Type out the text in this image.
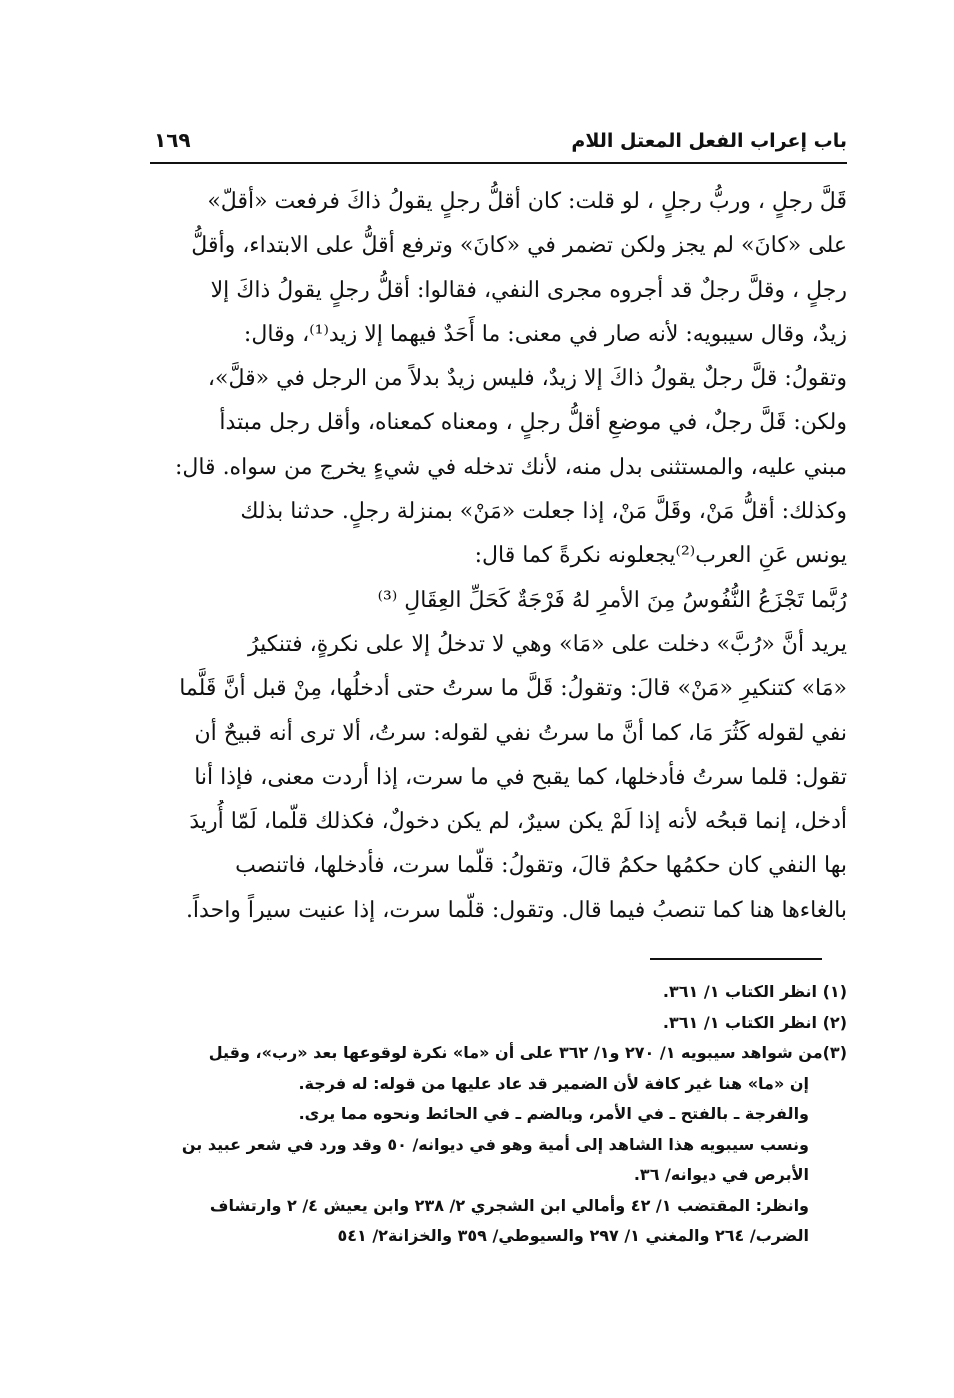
باب إعراب الفعل المعتل اللام
١٦٩
قَلَّ رجلٍ ، وربُّ رجلٍ ، لو قلت: كان أقلُّ رجلٍ يقولُ ذاكَ فرفعت «أقلّ»
على «كانَ» لم يجز ولكن تضمر في «كانَ» وترفع أقلُّ على الابتداء، وأقلُّ
رجلٍ ، وقلَّ رجلٌ قد أجروه مجرى النفي، فقالوا: أقلُّ رجلٍ يقولُ ذاكَ إلا
زيدٌ، وقال سيبويه: لأنه صار في معنى: ما أَحَدٌ فيهما إلا زيد⁽¹⁾، وقال:
وتقولُ: قلَّ رجلٌ يقولُ ذاكَ إلا زيدٌ، فليس زيدٌ بدلاً من الرجل في «قلَّ»،
ولكن: قَلَّ رجلٌ، في موضعِ أقلُّ رجلٍ ، ومعناه كمعناه، وأقل رجل مبتدأ
مبني عليه، والمستثنى بدل منه، لأنك تدخله في شيءٍ يخرج من سواه. قال:
وكذلك: أقلُّ مَنْ، وقَلَّ مَنْ، إذا جعلت «مَنْ» بمنزلة رجلٍ. حدثنا بذلك
يونس عَنِ العرب⁽²⁾يجعلونه نكرةً كما قال:
رُبَّما تَجْزَعُ النُّفُوسُ مِنَ الأمرِ لهُ فَرْجَةٌ كَحَلِّ العِقَالِ ⁽³⁾
يريد أنَّ «رُبَّ» دخلت على «مَا» وهي لا تدخلُ إلا على نكرةٍ، فتنكيرُ
«مَا» كتنكيرِ «مَنْ» قالَ: وتقولُ: قَلَّ ما سرتُ حتى أدخلُها، مِنْ قبل أنَّ قَلَّما
نفي لقوله كَثُرَ مَا، كما أنَّ ما سرتُ نفي لقوله: سرتُ، ألا ترى أنه قبيحٌ أن
تقول: قلما سرتُ فأدخلها، كما يقبح في ما سرت، إذا أردت معنى، فإذا أنا
أدخل، إنما قبحُه لأنه إذا لَمْ يكن سيرٌ، لم يكن دخولٌ، فكذلك قلّما، لَمّا أُريدَ
بها النفي كان حكمُها حكمُ قالَ، وتقولُ: قلّما سرت، فأدخلها، فاتنصب
بالغاءها هنا كما تنصبُ فيما قال. وتقول: قلّما سرت، إذا عنيت سيراً واحداً.
(١) انظر الكتاب ١/ ٣٦١.
(٢) انظر الكتاب ١/ ٣٦١.
(٣)من شواهد سيبويه ١/ ٢٧٠ و١/ ٣٦٢ على أن «ما» نكرة لوقوعها بعد «رب»، وقيل
إن «ما» هنا غير كافة لأن الضمير قد عاد عليها من قوله: له فرجة.
والفرجة ـ بالفتح ـ في الأمر، وبالضم ـ في الحائط ونحوه مما يرى.
ونسب سيبويه هذا الشاهد إلى أمية وهو في ديوانه/ ٥٠ وقد ورد في شعر عبيد بن
الأبرص في ديوانه/ ٣٦.
وانظر: المقتضب ١/ ٤٢ وأمالي ابن الشجري ٢/ ٢٣٨ وابن يعيش ٤/ ٢ وارتشاف
الضرب/ ٢٦٤ والمغني ١/ ٢٩٧ والسيوطي/ ٣٥٩ والخزانة٢/ ٥٤١
